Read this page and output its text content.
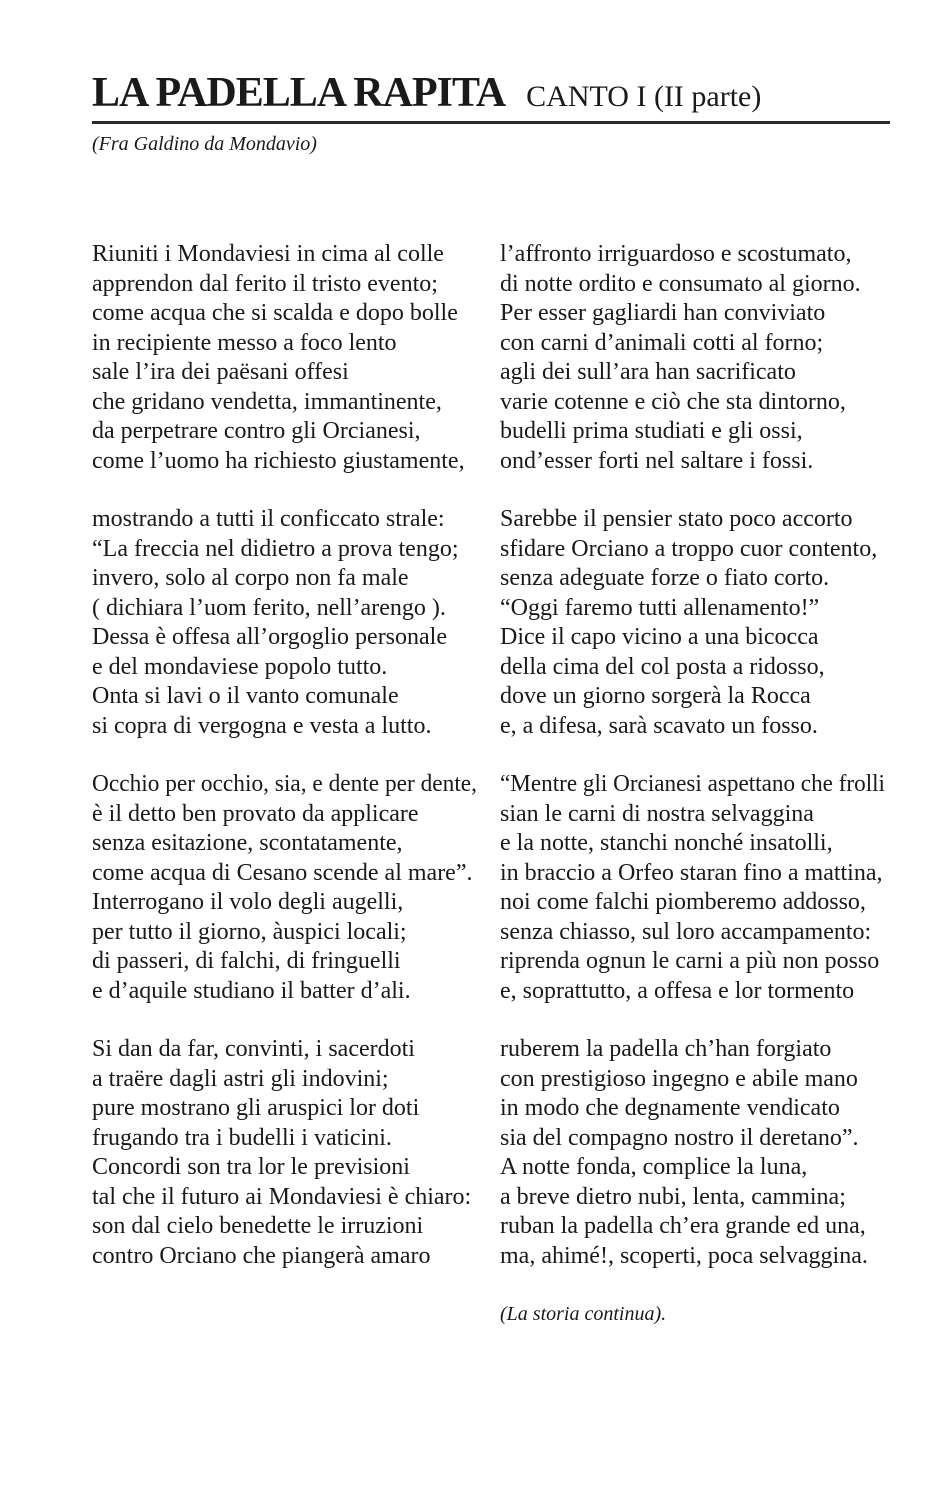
LA PADELLA RAPITA CANTO I (II parte)
(Fra Galdino da Mondavio)
Riuniti i Mondaviesi in cima al colle
apprendon dal ferito il tristo evento;
come acqua che si scalda e dopo bolle
in recipiente messo a foco lento
sale l’ira dei paësani offesi
che gridano vendetta, immantinente,
da perpetrare contro gli Orcianesi,
come l’uomo ha richiesto giustamente,
mostrando a tutti il conficcato strale:
“La freccia nel didietro a prova tengo;
invero, solo al corpo non fa male
( dichiara l’uom ferito, nell’arengo ).
Dessa è offesa all’orgoglio personale
e del mondaviese popolo tutto.
Onta si lavi o il vanto comunale
si copra di vergogna e vesta a lutto.
Occhio per occhio, sia, e dente per dente,
è il detto ben provato da applicare
senza esitazione, scontatamente,
come acqua di Cesano scende al mare”.
Interrogano il volo degli augelli,
per tutto il giorno, àuspici locali;
di passeri, di falchi, di fringuelli
e d’aquile studiano il batter d’ali.
Si dan da far, convinti, i sacerdoti
a traëre dagli astri gli indovini;
pure mostrano gli aruspici lor doti
frugando tra i budelli i vaticini.
Concordi son tra lor le previsioni
tal che il futuro ai Mondaviesi è chiaro:
son dal cielo benedette le irruzioni
contro Orciano che piangerà amaro
l’affronto irriguardoso e scostumato,
di notte ordito e consumato al giorno.
Per esser gagliardi han conviviato
con carni d’animali cotti al forno;
agli dei sull’ara han sacrificato
varie cotenne e ciò che sta dintorno,
budelli prima studiati e gli ossi,
ond’esser forti nel saltare i fossi.
Sarebbe il pensier stato poco accorto
sfidare Orciano a troppo cuor contento,
senza adeguate forze o fiato corto.
“Oggi faremo tutti allenamento!”
Dice il capo vicino a una bicocca
della cima del col posta a ridosso,
dove un giorno sorgerà la Rocca
e, a difesa, sarà scavato un fosso.
“Mentre gli Orcianesi aspettano che frolli
sian le carni di nostra selvaggina
e la notte, stanchi nonché insatolli,
in braccio a Orfeo staran fino a mattina,
noi come falchi piomberemo addosso,
senza chiasso, sul loro accampamento:
riprenda ognun le carni a più non posso
e, soprattutto, a offesa e lor tormento
ruberem la padella ch’han forgiato
con prestigioso ingegno e abile mano
in modo che degnamente vendicato
sia del compagno nostro il deretano”.
A notte fonda, complice la luna,
a breve dietro nubi, lenta, cammina;
ruban la padella ch’era grande ed una,
ma, ahimé!, scoperti, poca selvaggina.
(La storia continua).
